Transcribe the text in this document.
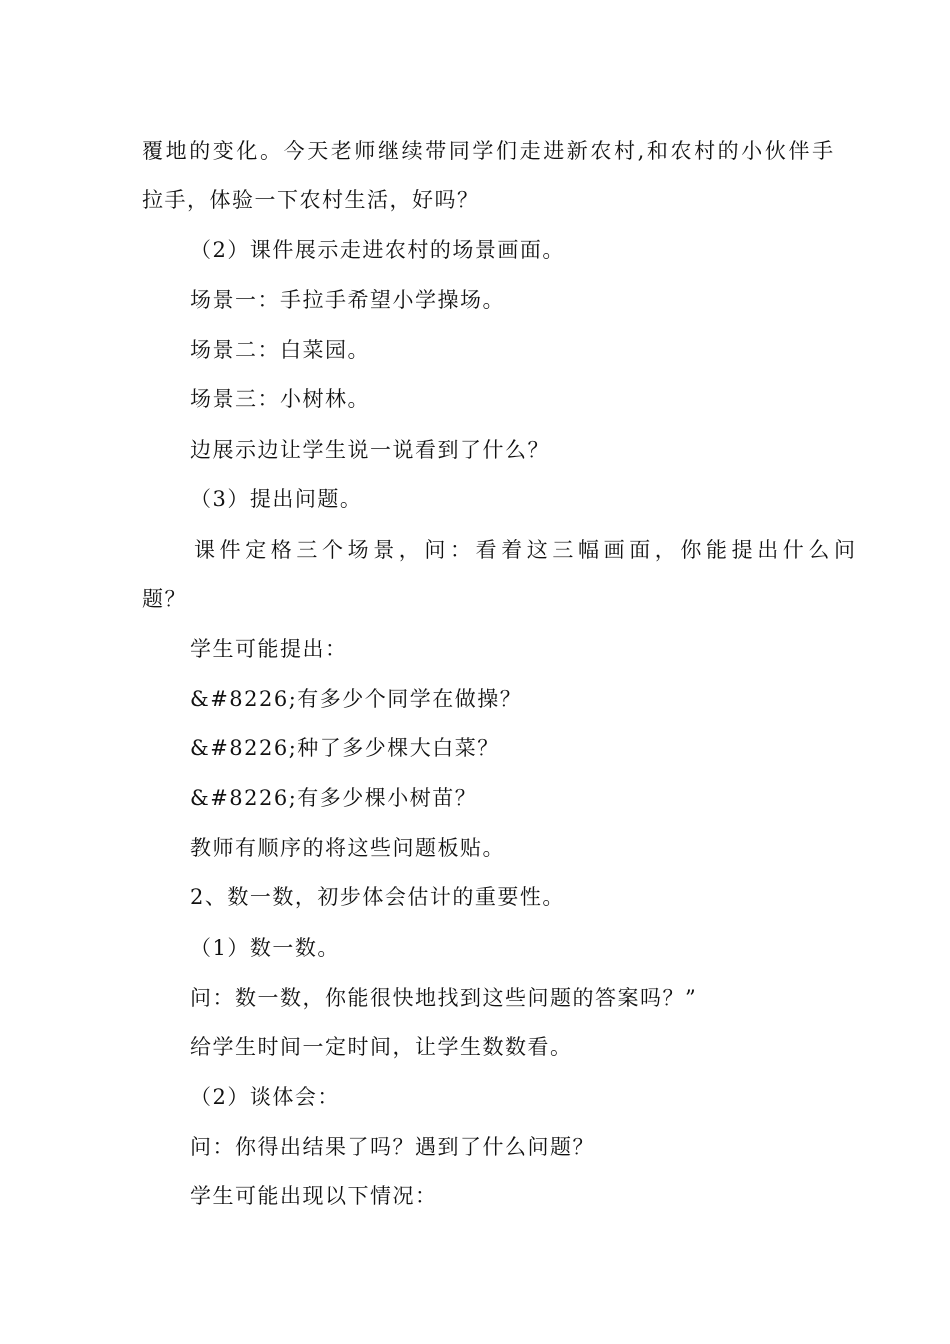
覆地的变化。今天老师继续带同学们走进新农村,和农村的小伙伴手
拉手，体验一下农村生活，好吗？
（2）课件展示走进农村的场景画面。
场景一：手拉手希望小学操场。
场景二：白菜园。
场景三：小树林。
边展示边让学生说一说看到了什么？
（3）提出问题。
课件定格三个场景，问：看着这三幅画面，你能提出什么问
题？
学生可能提出：
&#8226;有多少个同学在做操？
&#8226;种了多少棵大白菜？
&#8226;有多少棵小树苗？
教师有顺序的将这些问题板贴。
2、数一数，初步体会估计的重要性。
（1）数一数。
问：数一数，你能很快地找到这些问题的答案吗？”
给学生时间一定时间，让学生数数看。
（2）谈体会：
问：你得出结果了吗？遇到了什么问题？
学生可能出现以下情况：
